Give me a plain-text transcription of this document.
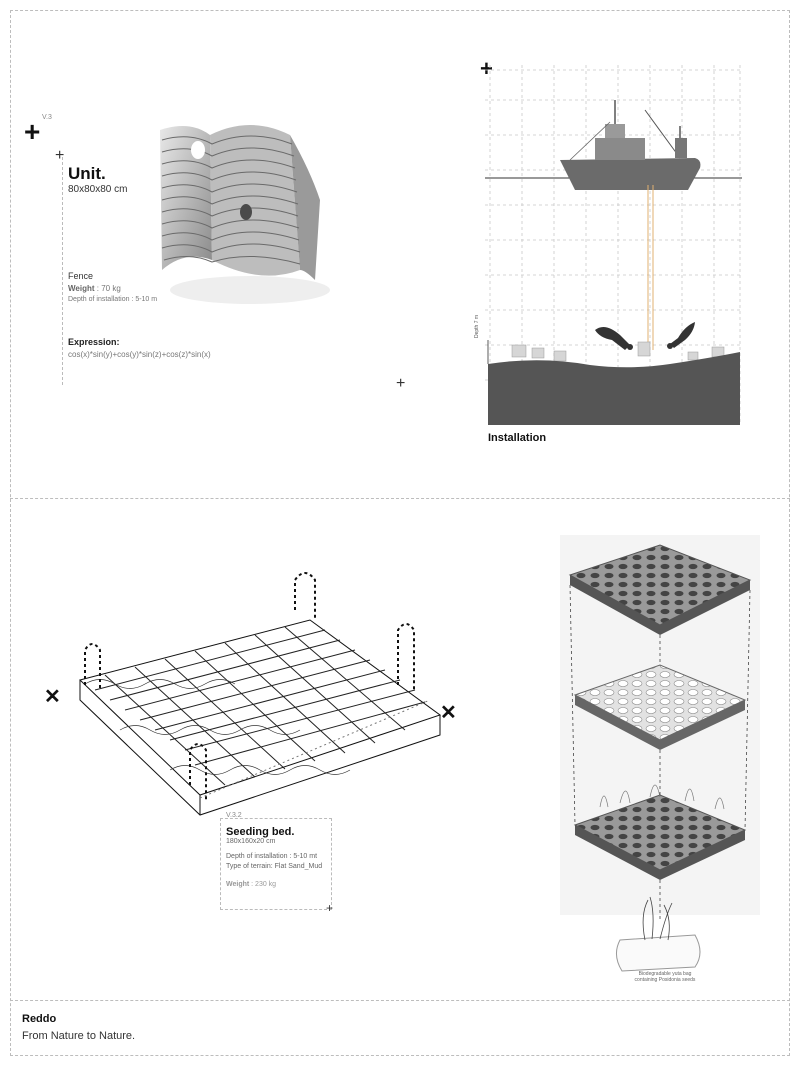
+ V.3
+
+
Unit.
80x80x80 cm
Fence
Weight : 70 kg
Depth of installation : 5-10 m
Expression:
cos(x)*sin(y)+cos(y)*sin(z)+cos(z)*sin(x)
+
Depth 7 m
Installation
✕
✕
V.3.2
Seeding bed.
180x160x20 cm
Depth of installation : 5-10 mt
Type of terrain: Flat Sand_Mud
Weight : 230 kg
+
Biodegradable yuta bag
containing Posidonia seeds
Reddo
From Nature to Nature.
